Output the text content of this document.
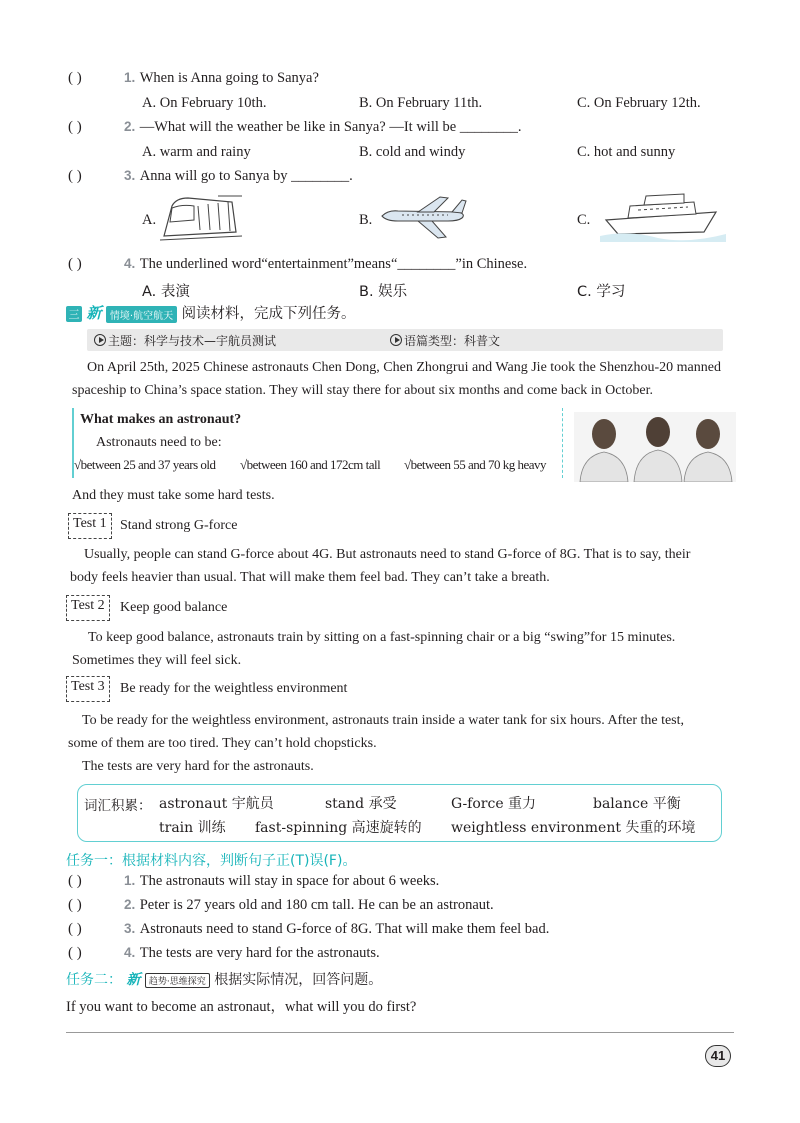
( )	1. When is Anna going to Sanya?
A. On February 10th.	B. On February 11th.	C. On February 12th.
( )	2. —What will the weather be like in Sanya? —It will be ________.
A. warm and rainy	B. cold and windy	C. hot and sunny
( )	3. Anna will go to Sanya by ________.
A.	B.	C.
( )	4. The underlined word“entertainment”means“________”in Chinese.
A. 表演	B. 娱乐	C. 学习
三 新 情境·航空航天 阅读材料，完成下列任务。
主题：科学与技术—宇航员测试	语篇类型：科普文
On April 25th, 2025 Chinese astronauts Chen Dong, Chen Zhongrui and Wang Jie took the Shenzhou-20 manned
spaceship to China’s space station. They will stay there for about six months and come back in October.
What makes an astronaut?
Astronauts need to be:
√between 25 and 37 years old √between 160 and 172cm tall √between 55 and 70 kg heavy
And they must take some hard tests.
Test 1 Stand strong G-force
Usually, people can stand G-force about 4G. But astronauts need to stand G-force of 8G. That is to say, their
body feels heavier than usual. That will make them feel bad. They can’t take a breath.
Test 2	Keep good balance
To keep good balance, astronauts train by sitting on a fast-spinning chair or a big “swing”for 15 minutes.
Sometimes they will feel sick.
Test 3	Be ready for the weightless environment
To be ready for the weightless environment, astronauts train inside a water tank for six hours. After the test,
some of them are too tired. They can’t hold chopsticks.
The tests are very hard for the astronauts.
词汇积累： astronaut 宇航员	stand 承受	G-force 重力	balance 平衡
train 训练 fast-spinning 高速旋转的 weightless environment 失重的环境
任务一：根据材料内容，判断句子正(T)误(F)。
( )	1. The astronauts will stay in space for about 6 weeks.
( )	2. Peter is 27 years old and 180 cm tall. He can be an astronaut.
( )	3. Astronauts need to stand G-force of 8G. That will make them feel bad.
( )	4. The tests are very hard for the astronauts.
任务二： 新 趋势·思维探究 根据实际情况，回答问题。
If you want to become an astronaut，what will you do first?
41
